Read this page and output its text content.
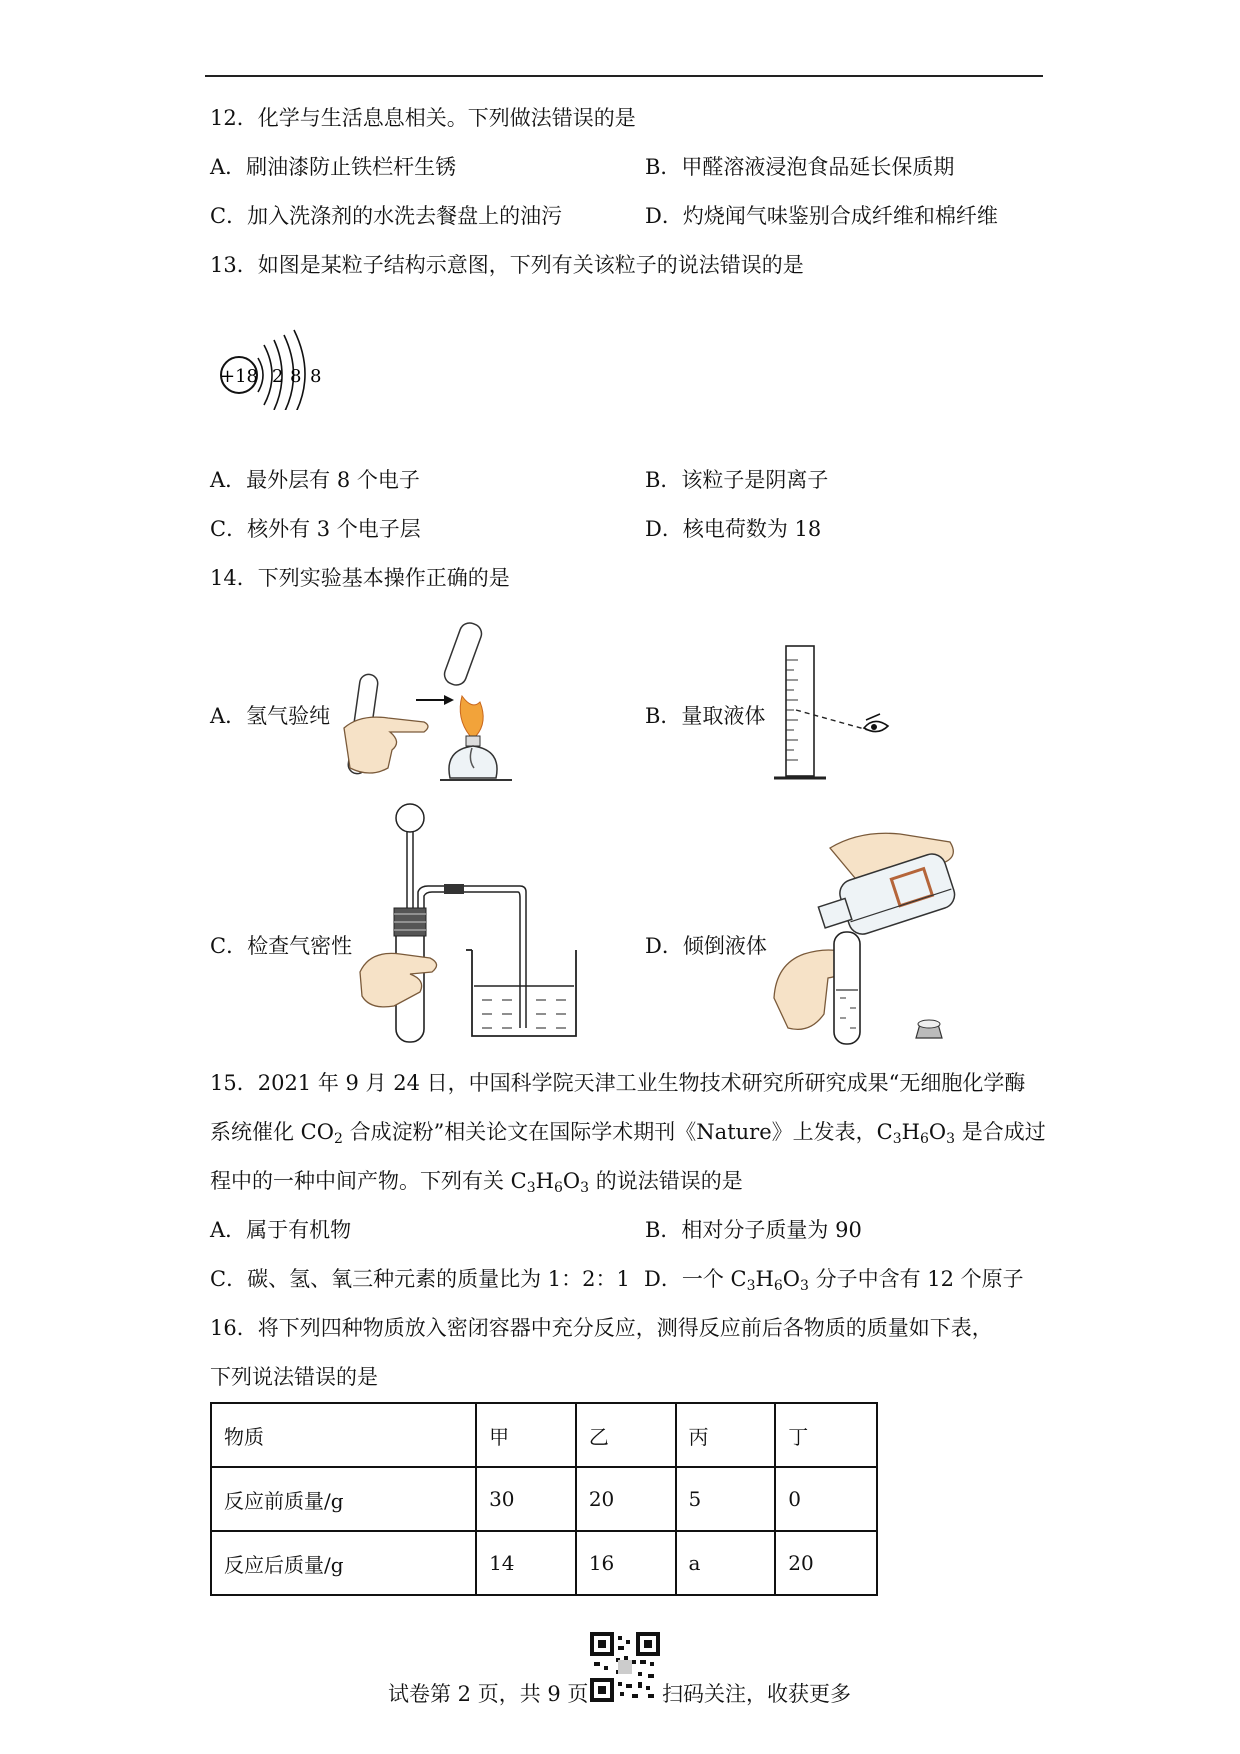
12．化学与生活息息相关。下列做法错误的是
A．刷油漆防止铁栏杆生锈	B．甲醛溶液浸泡食品延长保质期
C．加入洗涤剂的水洗去餐盘上的油污	D．灼烧闻气味鉴别合成纤维和棉纤维
13．如图是某粒子结构示意图，下列有关该粒子的说法错误的是
+18 2 8 8
A．最外层有 8 个电子	B．该粒子是阴离子
C．核外有 3 个电子层	D．核电荷数为 18
14．下列实验基本操作正确的是
A．氢气验纯	B．量取液体
C．检查气密性	D．倾倒液体
15．2021 年 9 月 24 日，中国科学院天津工业生物技术研究所研究成果“无细胞化学酶
系统催化 $CO_2$ 合成淀粉”相关论文在国际学术期刊《Nature》上发表，$C_3H_6O_3$ 是合成过
程中的一种中间产物。下列有关 $C_3H_6O_3$ 的说法错误的是
A．属于有机物	B．相对分子质量为 90
C．碳、氢、氧三种元素的质量比为 1：2：1 D．一个 $C_3H_6O_3$ 分子中含有 12 个原子
16．将下列四种物质放入密闭容器中充分反应，测得反应前后各物质的质量如下表，
下列说法错误的是
物质	甲	乙	丙	丁
反应前质量/g	30	20	5	0
反应后质量/g	14	16	a	20
试卷第 2 页，共 9 页	扫码关注，收获更多
